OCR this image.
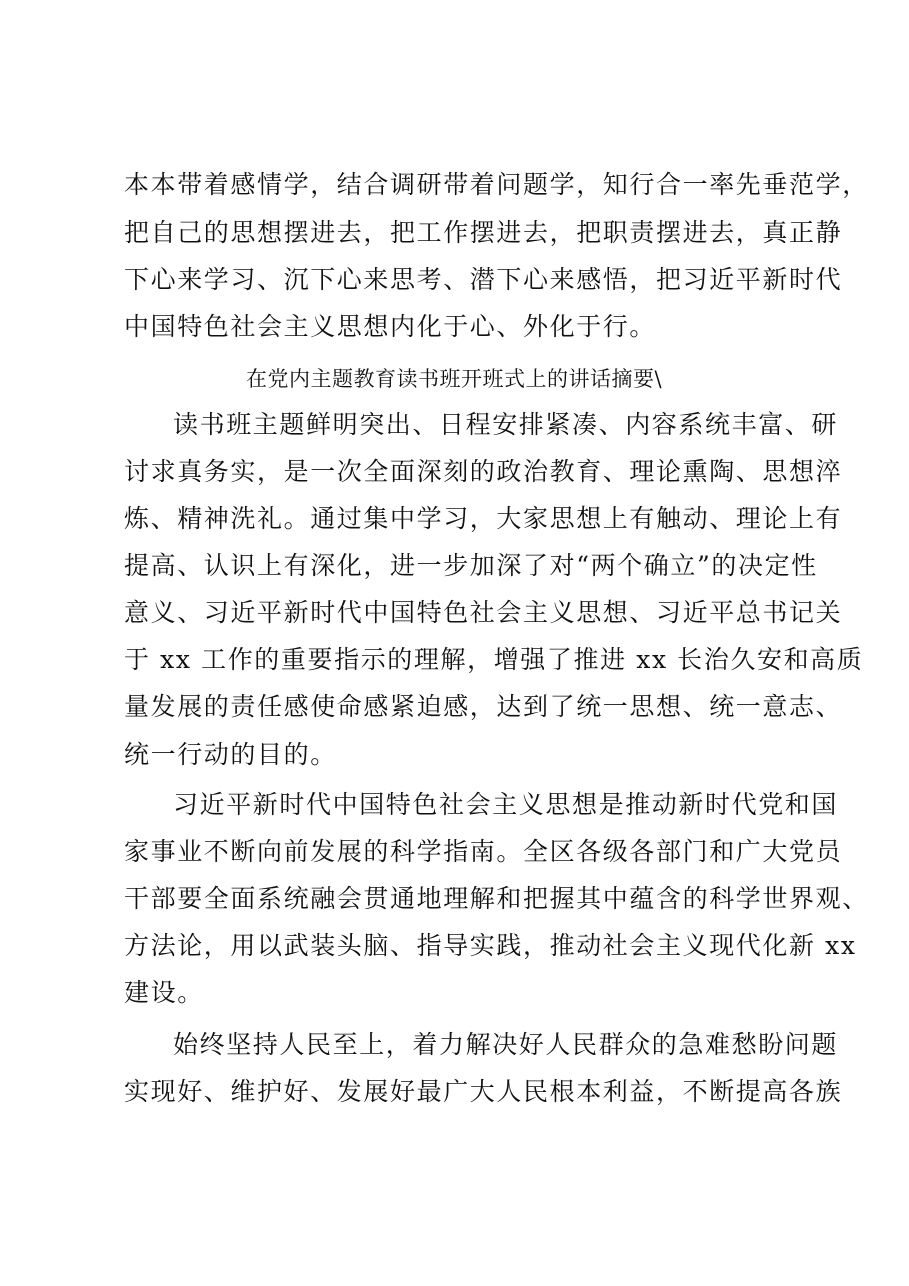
本本带着感情学，结合调研带着问题学，知行合一率先垂范学，
把自己的思想摆进去，把工作摆进去，把职责摆进去，真正静
下心来学习、沉下心来思考、潜下心来感悟，把习近平新时代
中国特色社会主义思想内化于心、外化于行。
在党内主题教育读书班开班式上的讲话摘要\
读书班主题鲜明突出、日程安排紧凑、内容系统丰富、研
讨求真务实，是一次全面深刻的政治教育、理论熏陶、思想淬
炼、精神洗礼。通过集中学习，大家思想上有触动、理论上有
提高、认识上有深化，进一步加深了对“两个确立”的决定性
意义、习近平新时代中国特色社会主义思想、习近平总书记关
于 xx 工作的重要指示的理解，增强了推进 xx 长治久安和高质
量发展的责任感使命感紧迫感，达到了统一思想、统一意志、
统一行动的目的。
习近平新时代中国特色社会主义思想是推动新时代党和国
家事业不断向前发展的科学指南。全区各级各部门和广大党员
干部要全面系统融会贯通地理解和把握其中蕴含的科学世界观、
方法论，用以武装头脑、指导实践，推动社会主义现代化新 xx
建设。
始终坚持人民至上，着力解决好人民群众的急难愁盼问题
实现好、维护好、发展好最广大人民根本利益，不断提高各族
